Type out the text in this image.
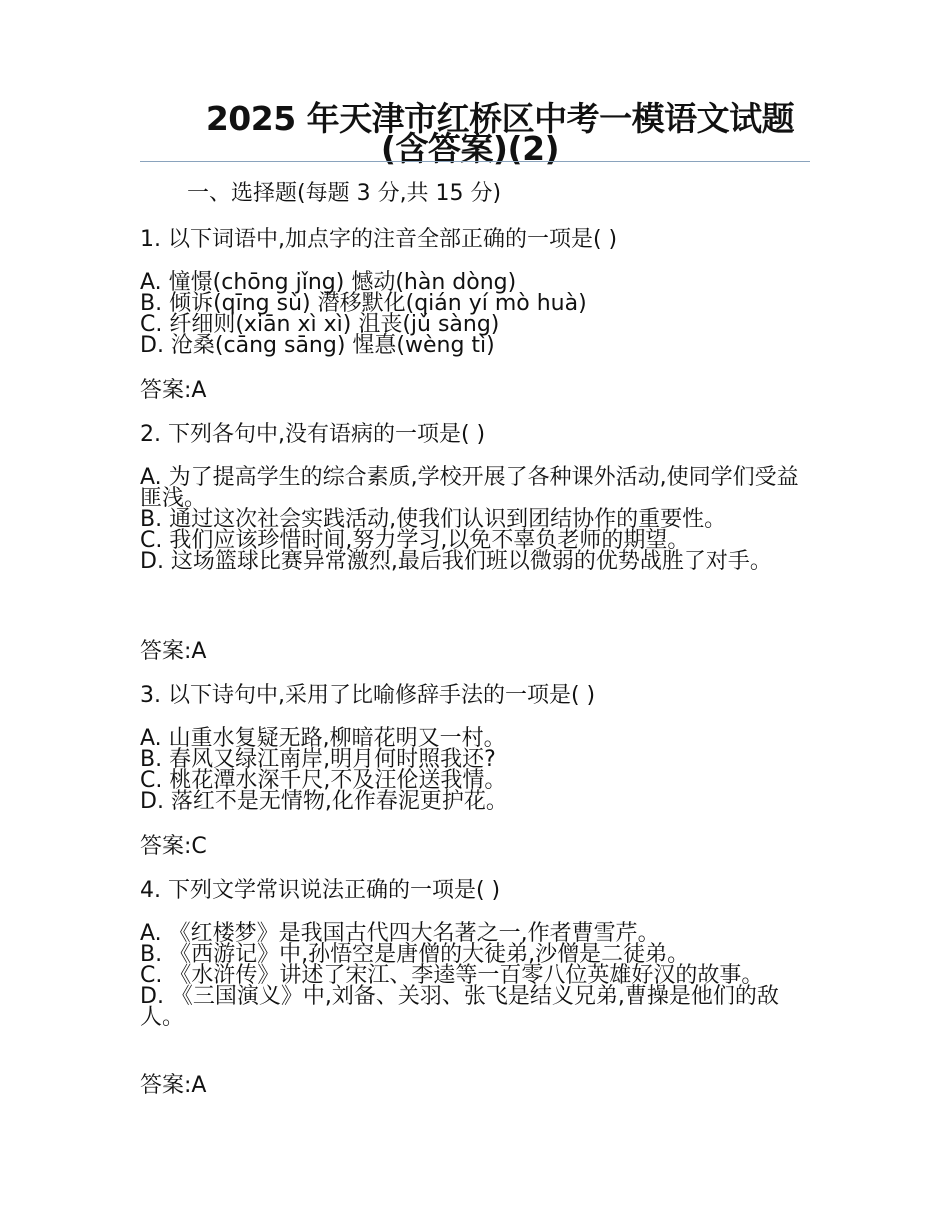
2025 年天津市红桥区中考一模语文试题
(含答案)(2)
一、选择题(每题 3 分,共 15 分)
1. 以下词语中,加点字的注音全部正确的一项是( )
A. 憧憬(chōng jǐng) 憾动(hàn dòng)
B. 倾诉(qīng sù) 潜移默化(qián yí mò huà)
C. 纤细则(xiān xì xì) 沮丧(jǔ sàng)
D. 沧桑(cāng sāng) 惺惪(wèng tì)
答案:A
2. 下列各句中,没有语病的一项是( )
A. 为了提高学生的综合素质,学校开展了各种课外活动,使同学们受益匪浅。
B. 通过这次社会实践活动,使我们认识到团结协作的重要性。
C. 我们应该珍惜时间,努力学习,以免不辜负老师的期望。
D. 这场篮球比赛异常激烈,最后我们班以微弱的优势战胜了对手。
答案:A
3. 以下诗句中,采用了比喻修辞手法的一项是( )
A. 山重水复疑无路,柳暗花明又一村。
B. 春风又绿江南岸,明月何时照我还?
C. 桃花潭水深千尺,不及汪伦送我情。
D. 落红不是无情物,化作春泥更护花。
答案:C
4. 下列文学常识说法正确的一项是( )
A. 《红楼梦》是我国古代四大名著之一,作者曹雪芹。
B. 《西游记》中,孙悟空是唐僧的大徒弟,沙僧是二徒弟。
C. 《水浒传》讲述了宋江、李逵等一百零八位英雄好汉的故事。
D. 《三国演义》中,刘备、关羽、张飞是结义兄弟,曹操是他们的敌人。
答案:A
